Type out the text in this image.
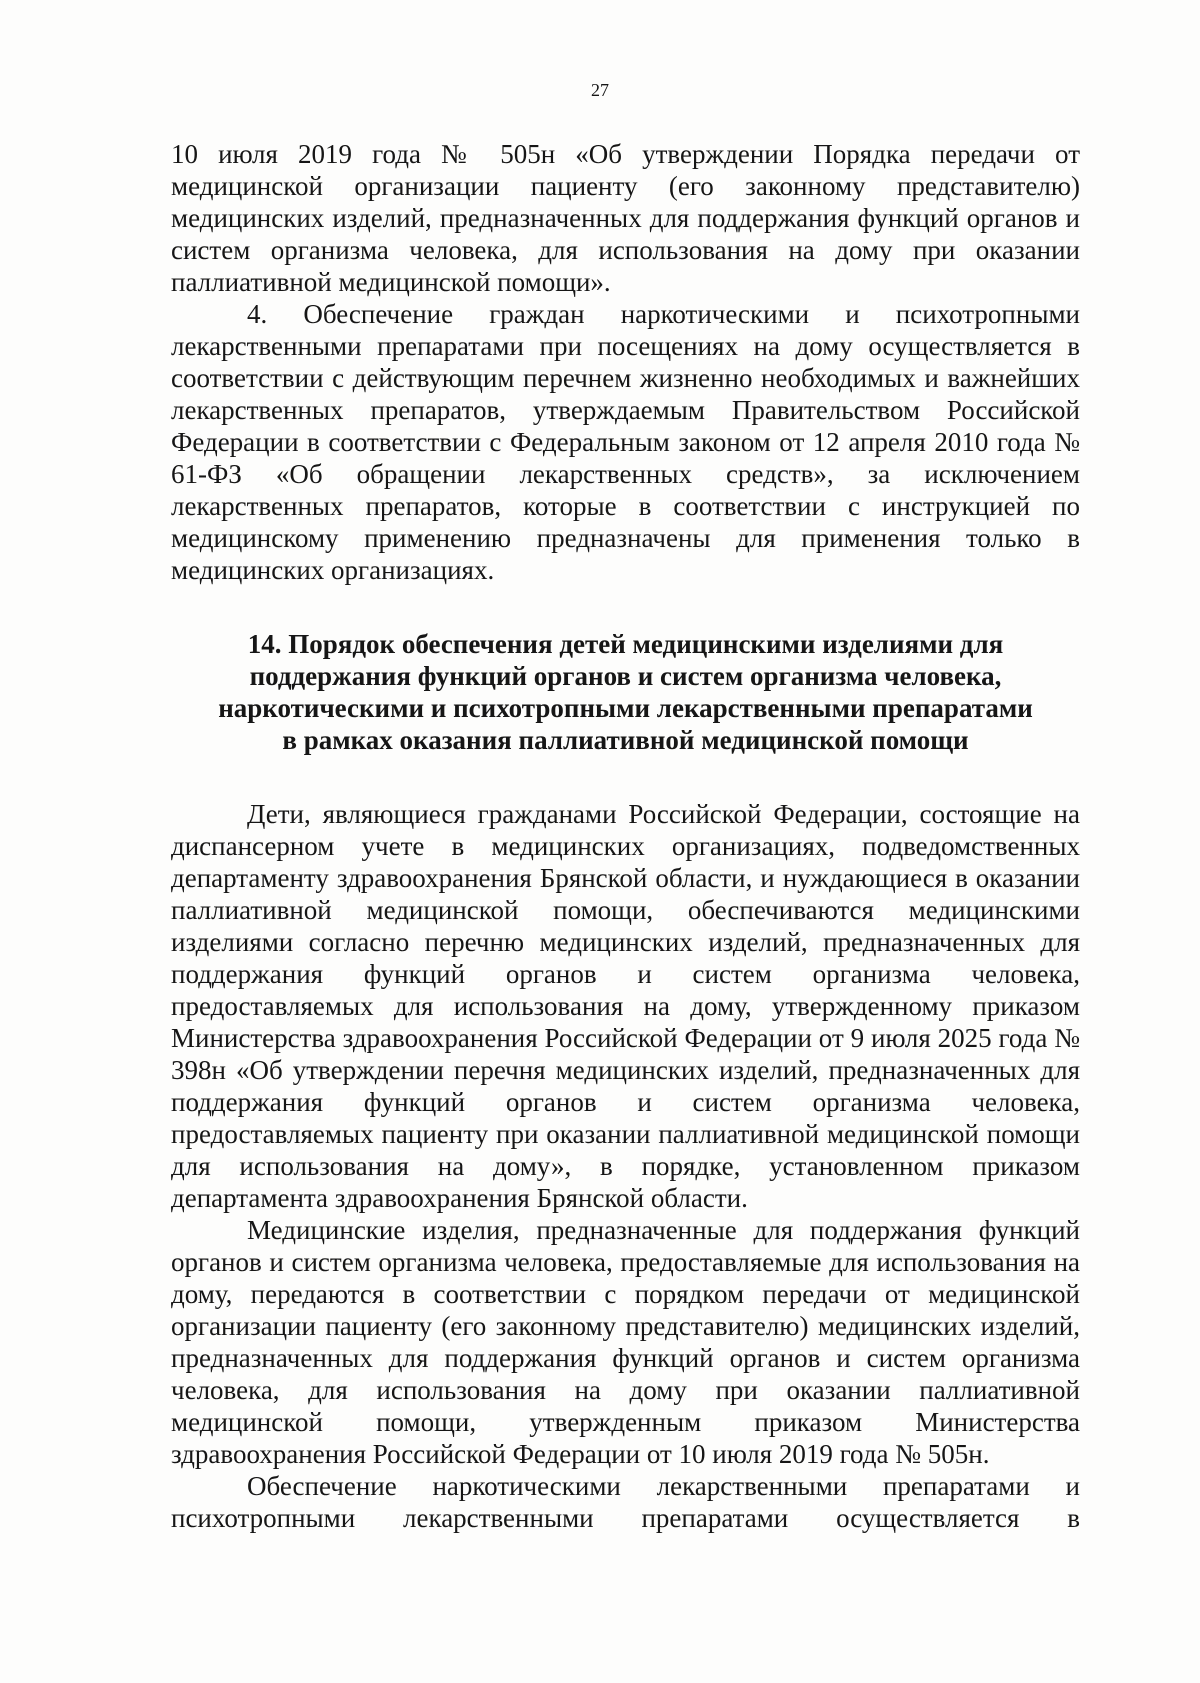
27

10 июля 2019 года № 505н «Об утверждении Порядка передачи от медицинской организации пациенту (его законному представителю) медицинских изделий, предназначенных для поддержания функций органов и систем организма человека, для использования на дому при оказании паллиативной медицинской помощи».

4. Обеспечение граждан наркотическими и психотропными лекарственными препаратами при посещениях на дому осуществляется в соответствии с действующим перечнем жизненно необходимых и важнейших лекарственных препаратов, утверждаемым Правительством Российской Федерации в соответствии с Федеральным законом от 12 апреля 2010 года № 61-ФЗ «Об обращении лекарственных средств», за исключением лекарственных препаратов, которые в соответствии с инструкцией по медицинскому применению предназначены для применения только в медицинских организациях.

14. Порядок обеспечения детей медицинскими изделиями для
поддержания функций органов и систем организма человека,
наркотическими и психотропными лекарственными препаратами
в рамках оказания паллиативной медицинской помощи

Дети, являющиеся гражданами Российской Федерации, состоящие на диспансерном учете в медицинских организациях, подведомственных департаменту здравоохранения Брянской области, и нуждающиеся в оказании паллиативной медицинской помощи, обеспечиваются медицинскими изделиями согласно перечню медицинских изделий, предназначенных для поддержания функций органов и систем организма человека, предоставляемых для использования на дому, утвержденному приказом Министерства здравоохранения Российской Федерации от 9 июля 2025 года № 398н «Об утверждении перечня медицинских изделий, предназначенных для поддержания функций органов и систем организма человека, предоставляемых пациенту при оказании паллиативной медицинской помощи для использования на дому», в порядке, установленном приказом департамента здравоохранения Брянской области.

Медицинские изделия, предназначенные для поддержания функций органов и систем организма человека, предоставляемые для использования на дому, передаются в соответствии с порядком передачи от медицинской организации пациенту (его законному представителю) медицинских изделий, предназначенных для поддержания функций органов и систем организма человека, для использования на дому при оказании паллиативной медицинской помощи, утвержденным приказом Министерства здравоохранения Российской Федерации от 10 июля 2019 года № 505н.

Обеспечение наркотическими лекарственными препаратами и психотропными лекарственными препаратами осуществляется в
